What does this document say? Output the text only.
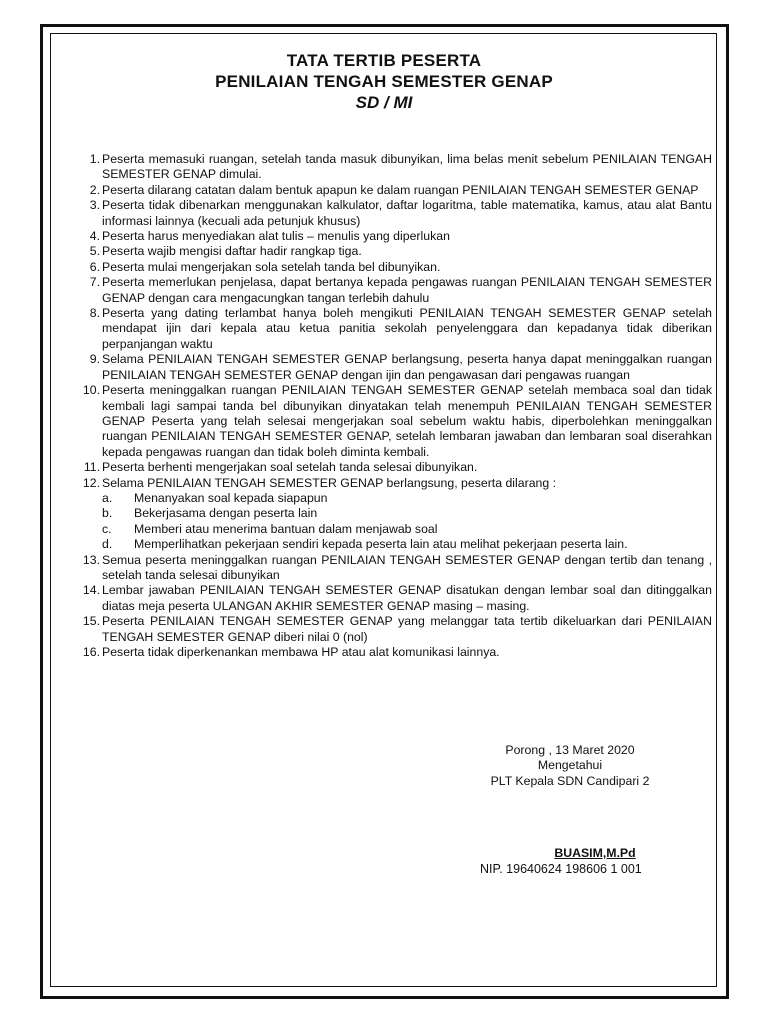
TATA TERTIB PESERTA
PENILAIAN TENGAH SEMESTER GENAP
SD / MI
1. Peserta memasuki ruangan, setelah tanda masuk dibunyikan, lima belas menit sebelum PENILAIAN TENGAH SEMESTER GENAP dimulai.
2. Peserta dilarang catatan dalam bentuk apapun ke dalam ruangan PENILAIAN TENGAH SEMESTER GENAP
3. Peserta tidak dibenarkan menggunakan kalkulator, daftar logaritma, table matematika, kamus, atau alat Bantu informasi lainnya (kecuali ada petunjuk khusus)
4. Peserta harus menyediakan alat tulis – menulis yang diperlukan
5. Peserta wajib mengisi daftar hadir rangkap tiga.
6. Peserta mulai mengerjakan sola setelah tanda bel dibunyikan.
7. Peserta memerlukan penjelasa, dapat bertanya kepada pengawas ruangan PENILAIAN TENGAH SEMESTER GENAP dengan cara mengacungkan tangan terlebih dahulu
8. Peserta yang dating terlambat hanya boleh mengikuti PENILAIAN TENGAH SEMESTER GENAP setelah mendapat ijin dari kepala atau ketua panitia sekolah penyelenggara dan kepadanya tidak diberikan perpanjangan waktu
9. Selama PENILAIAN TENGAH SEMESTER GENAP berlangsung, peserta hanya dapat meninggalkan ruangan PENILAIAN TENGAH SEMESTER GENAP dengan ijin dan pengawasan dari pengawas ruangan
10. Peserta meninggalkan ruangan PENILAIAN TENGAH SEMESTER GENAP setelah membaca soal dan tidak kembali lagi sampai tanda bel dibunyikan dinyatakan telah menempuh PENILAIAN TENGAH SEMESTER GENAP Peserta yang telah selesai mengerjakan soal sebelum waktu habis, diperbolehkan meninggalkan ruangan PENILAIAN TENGAH SEMESTER GENAP, setelah lembaran jawaban dan lembaran soal diserahkan kepada pengawas ruangan dan tidak boleh diminta kembali.
11. Peserta berhenti mengerjakan soal setelah tanda selesai dibunyikan.
12. Selama PENILAIAN TENGAH SEMESTER GENAP berlangsung, peserta dilarang :
a. Menanyakan soal kepada siapapun
b. Bekerjasama dengan peserta lain
c. Memberi atau menerima bantuan dalam menjawab soal
d. Memperlihatkan pekerjaan sendiri kepada peserta lain atau melihat pekerjaan peserta lain.
13. Semua peserta meninggalkan ruangan PENILAIAN TENGAH SEMESTER GENAP dengan tertib dan tenang , setelah tanda selesai dibunyikan
14. Lembar jawaban PENILAIAN TENGAH SEMESTER GENAP disatukan dengan lembar soal dan ditinggalkan diatas meja peserta ULANGAN AKHIR SEMESTER GENAP masing – masing.
15. Peserta PENILAIAN TENGAH SEMESTER GENAP yang melanggar tata tertib dikeluarkan dari PENILAIAN TENGAH SEMESTER GENAP diberi nilai 0 (nol)
16. Peserta tidak diperkenankan membawa HP atau alat komunikasi lainnya.
Porong , 13 Maret 2020
Mengetahui
PLT Kepala SDN Candipari 2
BUASIM,M.Pd
NIP. 19640624 198606 1 001
